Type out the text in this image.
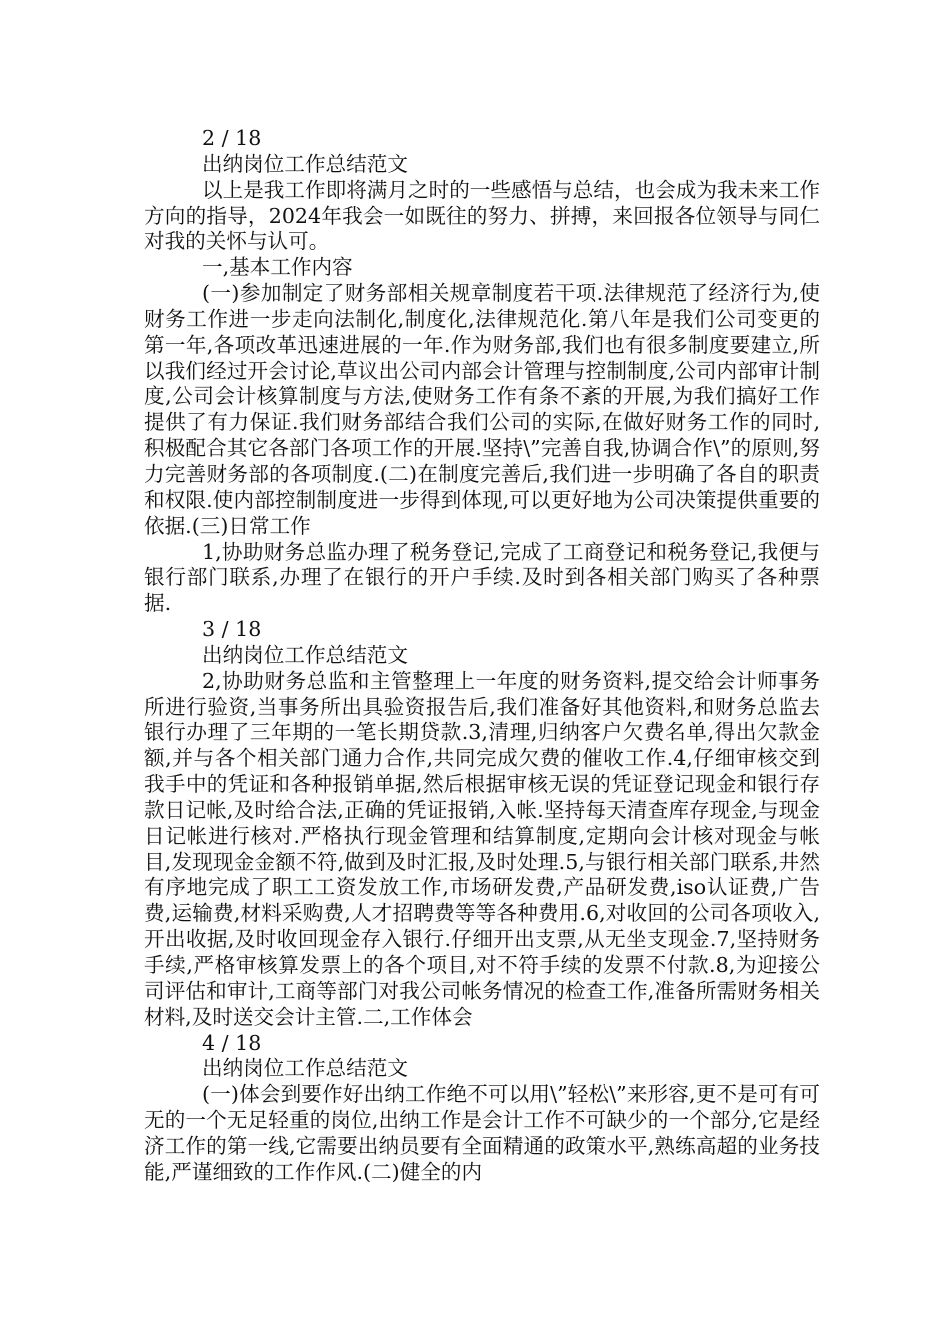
2 / 18
出纳岗位工作总结范文

以上是我工作即将满月之时的一些感悟与总结，也会成为我未来工作方向的指导，2024年我会一如既往的努力、拼搏，来回报各位领导与同仁对我的关怀与认可。

一,基本工作内容

(一)参加制定了财务部相关规章制度若干项.法律规范了经济行为,使财务工作进一步走向法制化,制度化,法律规范化.第八年是我们公司变更的第一年,各项改革迅速进展的一年.作为财务部,我们也有很多制度要建立,所以我们经过开会讨论,草议出公司内部会计管理与控制制度,公司内部审计制度,公司会计核算制度与方法,使财务工作有条不紊的开展,为我们搞好工作提供了有力保证.我们财务部结合我们公司的实际,在做好财务工作的同时,积极配合其它各部门各项工作的开展.坚持\”完善自我,协调合作\”的原则,努力完善财务部的各项制度.(二)在制度完善后,我们进一步明确了各自的职责和权限.使内部控制制度进一步得到体现,可以更好地为公司决策提供重要的依据.(三)日常工作

1,协助财务总监办理了税务登记,完成了工商登记和税务登记,我便与银行部门联系,办理了在银行的开户手续.及时到各相关部门购买了各种票据.

3 / 18
出纳岗位工作总结范文

2,协助财务总监和主管整理上一年度的财务资料,提交给会计师事务所进行验资,当事务所出具验资报告后,我们准备好其他资料,和财务总监去银行办理了三年期的一笔长期贷款.3,清理,归纳客户欠费名单,得出欠款金额,并与各个相关部门通力合作,共同完成欠费的催收工作.4,仔细审核交到我手中的凭证和各种报销单据,然后根据审核无误的凭证登记现金和银行存款日记帐,及时给合法,正确的凭证报销,入帐.坚持每天清查库存现金,与现金日记帐进行核对.严格执行现金管理和结算制度,定期向会计核对现金与帐目,发现现金金额不符,做到及时汇报,及时处理.5,与银行相关部门联系,井然有序地完成了职工工资发放工作,市场研发费,产品研发费,iso认证费,广告费,运输费,材料采购费,人才招聘费等等各种费用.6,对收回的公司各项收入,开出收据,及时收回现金存入银行.仔细开出支票,从无坐支现金.7,坚持财务手续,严格审核算发票上的各个项目,对不符手续的发票不付款.8,为迎接公司评估和审计,工商等部门对我公司帐务情况的检查工作,准备所需财务相关材料,及时送交会计主管.二,工作体会

4 / 18
出纳岗位工作总结范文

(一)体会到要作好出纳工作绝不可以用\”轻松\”来形容,更不是可有可无的一个无足轻重的岗位,出纳工作是会计工作不可缺少的一个部分,它是经济工作的第一线,它需要出纳员要有全面精通的政策水平,熟练高超的业务技能,严谨细致的工作作风.(二)健全的内
